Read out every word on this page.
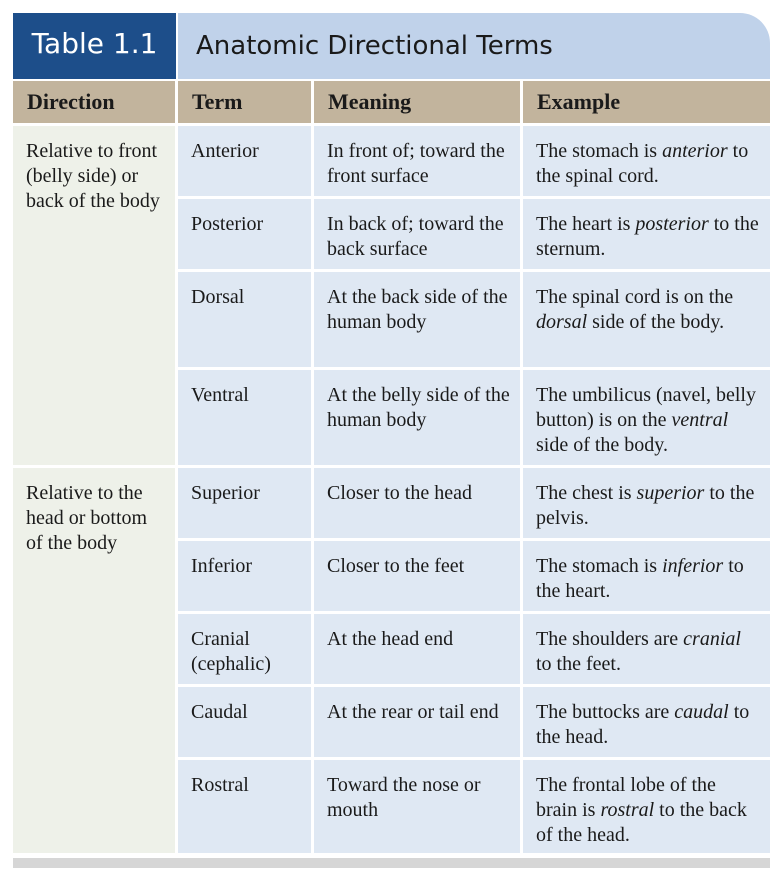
Table 1.1	Anatomic Directional Terms
Direction	Term	Meaning	Example
Relative to front (belly side) or back of the body	Anterior	In front of; toward the front surface	The stomach is anterior to the spinal cord.
	Posterior	In back of; toward the back surface	The heart is posterior to the sternum.
	Dorsal	At the back side of the human body	The spinal cord is on the dorsal side of the body.
	Ventral	At the belly side of the human body	The umbilicus (navel, belly button) is on the ventral side of the body.
Relative to the head or bottom of the body	Superior	Closer to the head	The chest is superior to the pelvis.
	Inferior	Closer to the feet	The stomach is inferior to the heart.
	Cranial (cephalic)	At the head end	The shoulders are cranial to the feet.
	Caudal	At the rear or tail end	The buttocks are caudal to the head.
	Rostral	Toward the nose or mouth	The frontal lobe of the brain is rostral to the back of the head.
